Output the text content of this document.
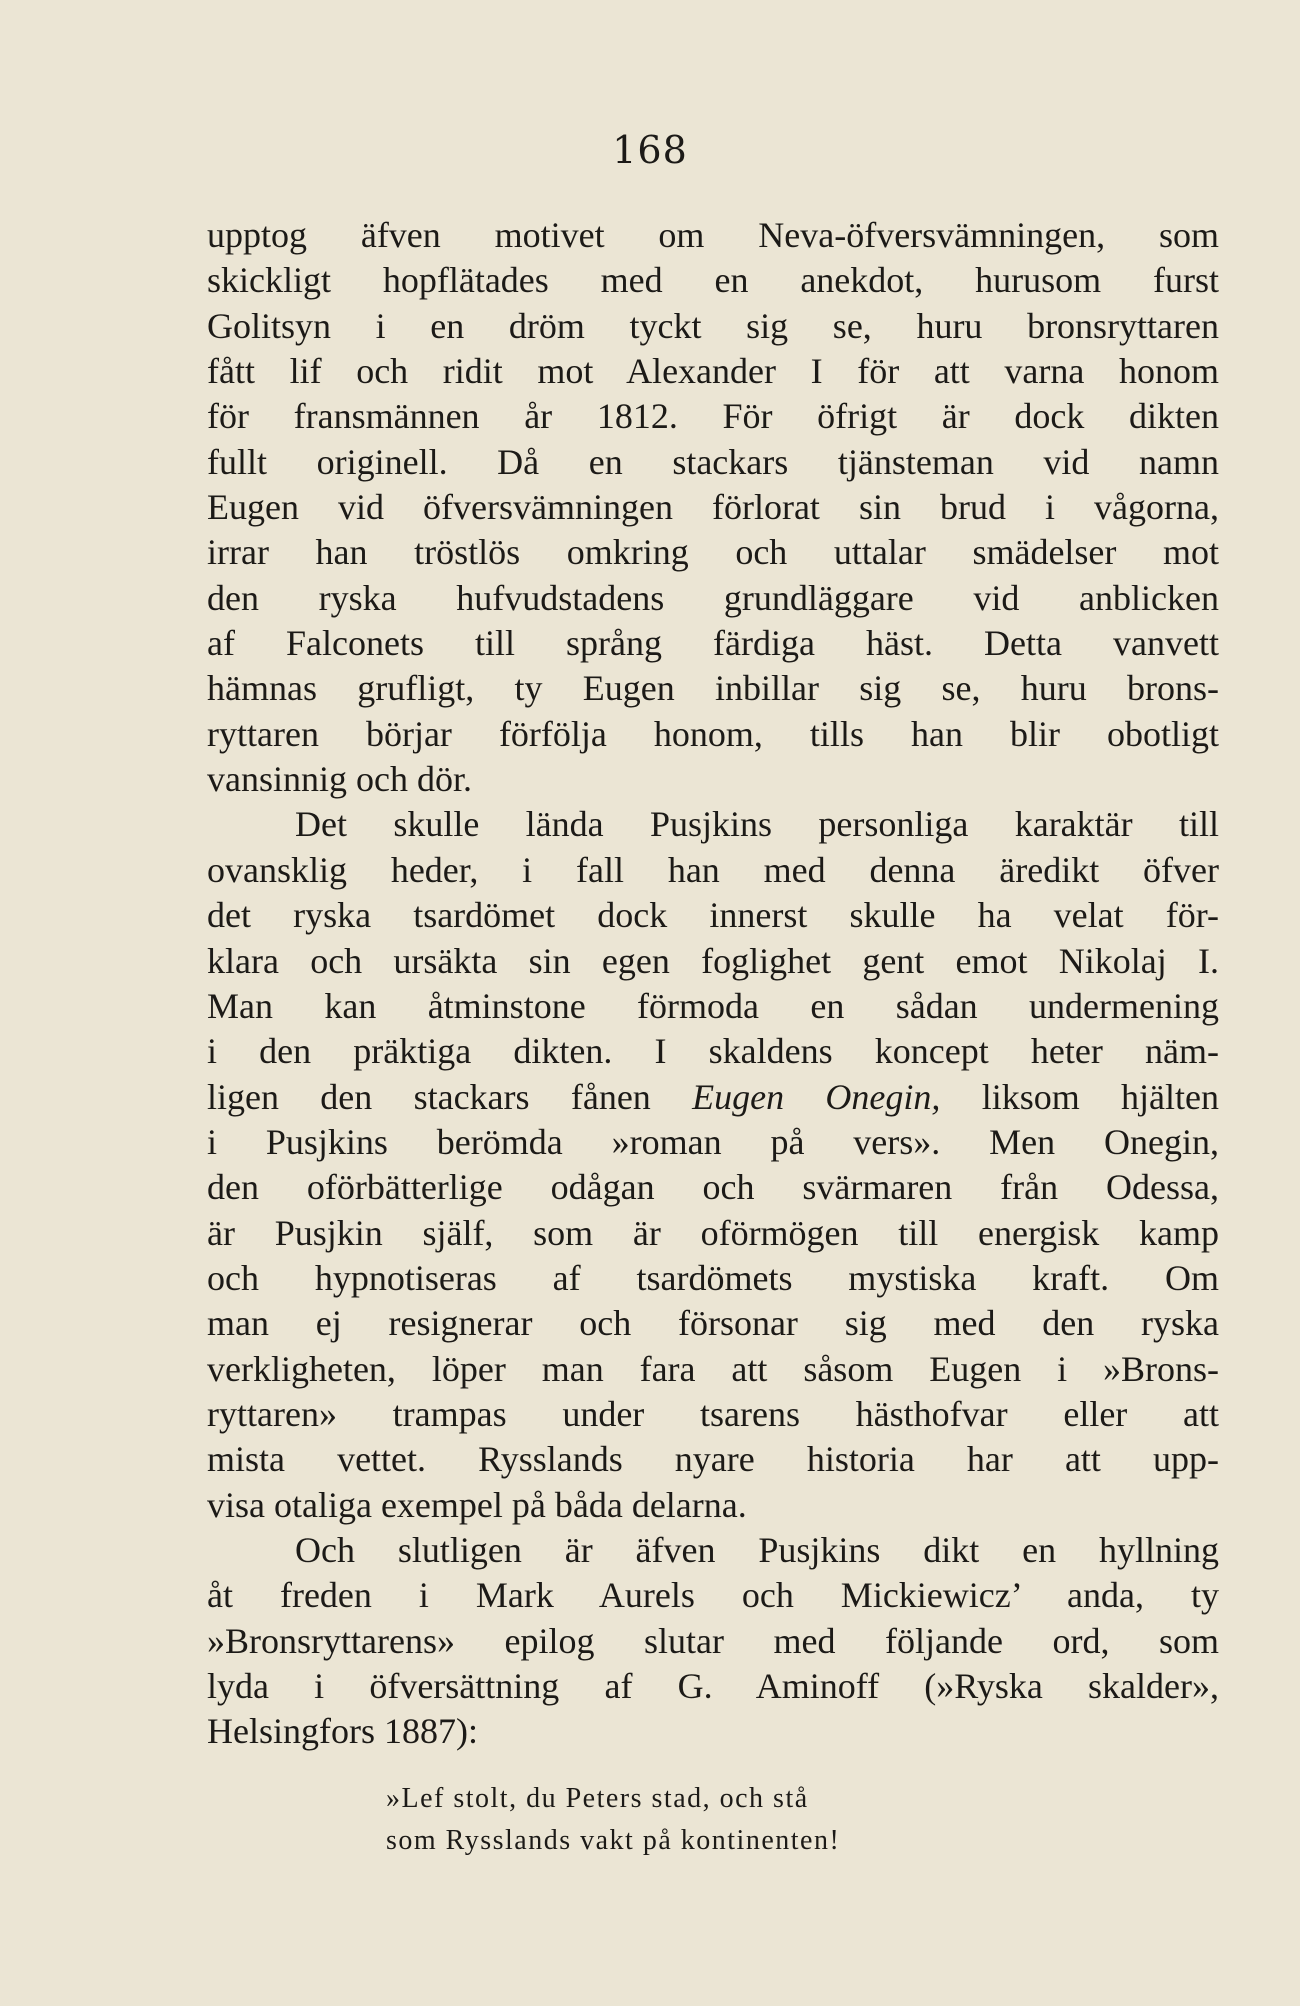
168
upptog äfven motivet om Neva-öfversvämningen, som
skickligt hopflätades med en anekdot, hurusom furst
Golitsyn i en dröm tyckt sig se, huru bronsryttaren
fått lif och ridit mot Alexander I för att varna honom
för fransmännen år 1812. För öfrigt är dock dikten
fullt originell. Då en stackars tjänsteman vid namn
Eugen vid öfversvämningen förlorat sin brud i vågorna,
irrar han tröstlös omkring och uttalar smädelser mot
den ryska hufvudstadens grundläggare vid anblicken
af Falconets till språng färdiga häst. Detta vanvett
hämnas grufligt, ty Eugen inbillar sig se, huru brons-
ryttaren börjar förfölja honom, tills han blir obotligt
vansinnig och dör.
Det skulle lända Pusjkins personliga karaktär till
ovansklig heder, i fall han med denna äredikt öfver
det ryska tsardömet dock innerst skulle ha velat för-
klara och ursäkta sin egen foglighet gent emot Nikolaj I.
Man kan åtminstone förmoda en sådan undermening
i den präktiga dikten. I skaldens koncept heter näm-
ligen den stackars fånen Eugen Onegin, liksom hjälten
i Pusjkins berömda »roman på vers». Men Onegin,
den oförbätterlige odågan och svärmaren från Odessa,
är Pusjkin själf, som är oförmögen till energisk kamp
och hypnotiseras af tsardömets mystiska kraft. Om
man ej resignerar och försonar sig med den ryska
verkligheten, löper man fara att såsom Eugen i »Brons-
ryttaren» trampas under tsarens hästhofvar eller att
mista vettet. Rysslands nyare historia har att upp-
visa otaliga exempel på båda delarna.
Och slutligen är äfven Pusjkins dikt en hyllning
åt freden i Mark Aurels och Mickiewicz’ anda, ty
»Bronsryttarens» epilog slutar med följande ord, som
lyda i öfversättning af G. Aminoff (»Ryska skalder»,
Helsingfors 1887):
»Lef stolt, du Peters stad, och stå
som Rysslands vakt på kontinenten!
